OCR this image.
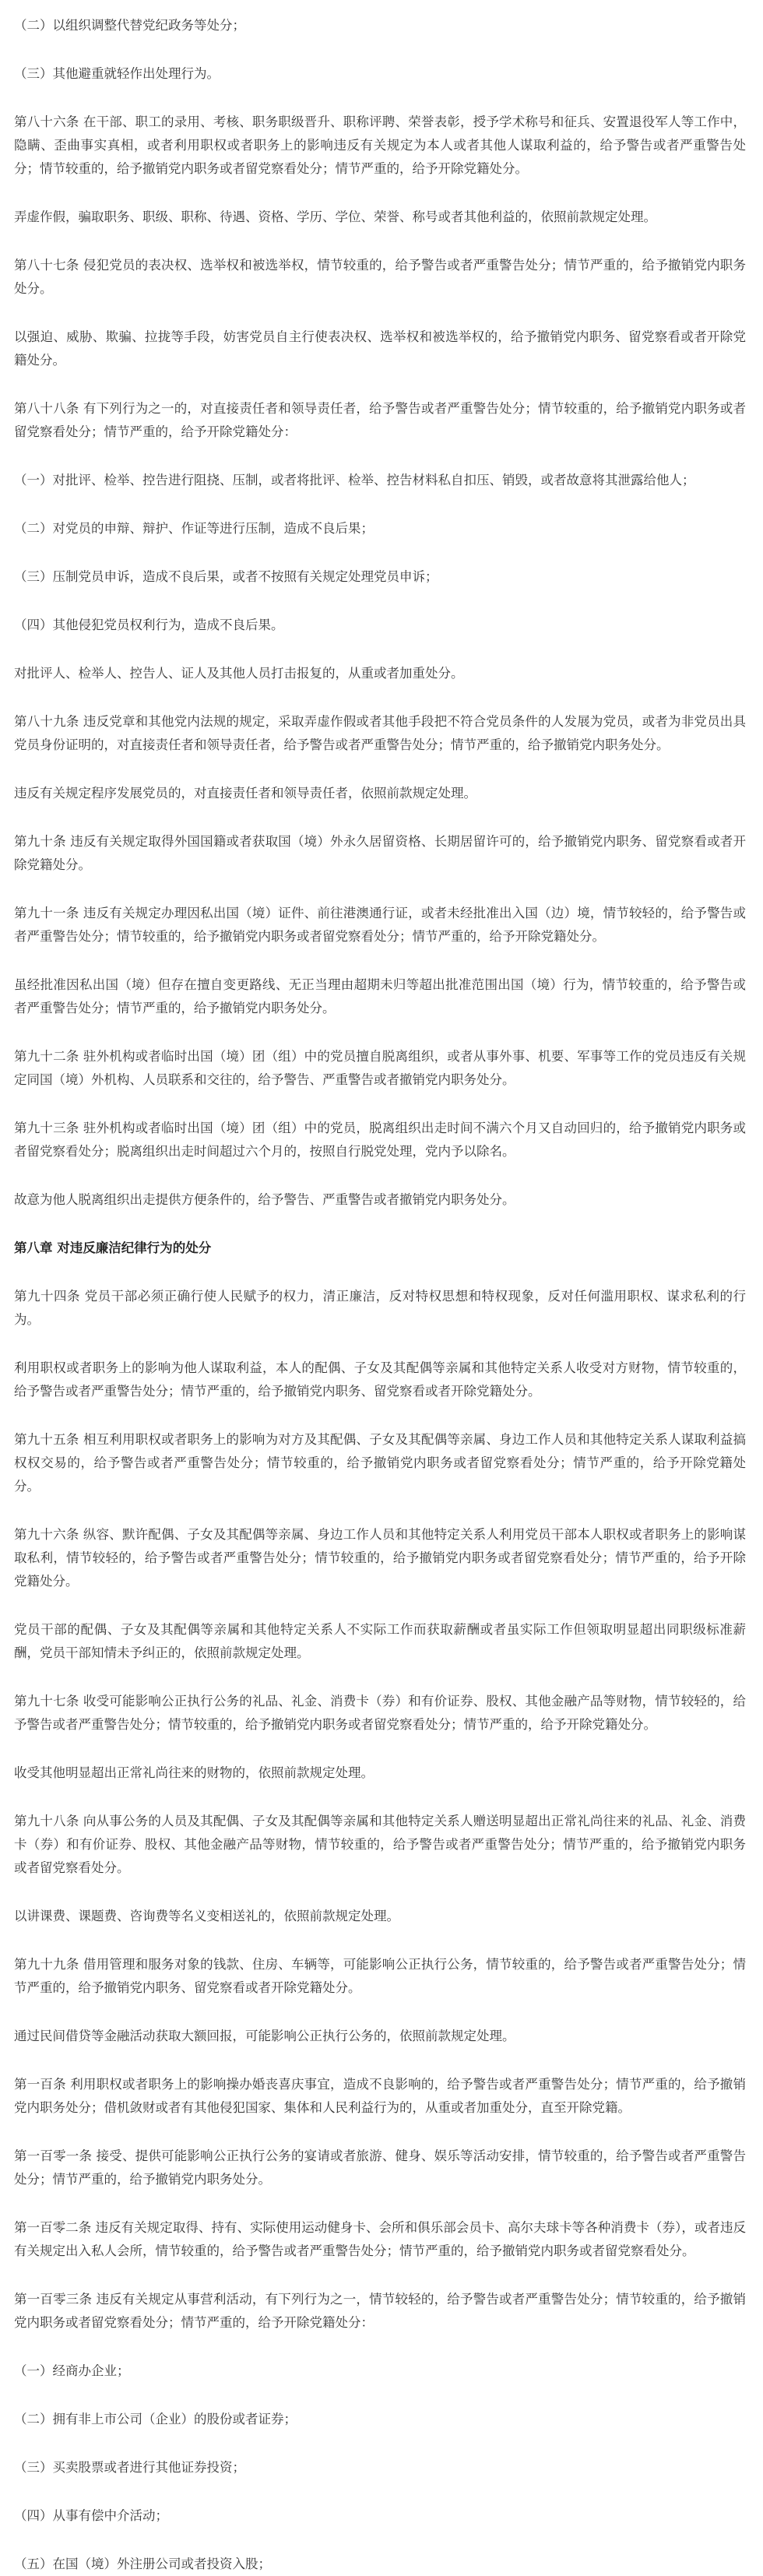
（二）以组织调整代替党纪政务等处分；

（三）其他避重就轻作出处理行为。

第八十六条 在干部、职工的录用、考核、职务职级晋升、职称评聘、荣誉表彰，授予学术称号和征兵、安置退役军人等工作中，隐瞒、歪曲事实真相，或者利用职权或者职务上的影响违反有关规定为本人或者其他人谋取利益的，给予警告或者严重警告处分；情节较重的，给予撤销党内职务或者留党察看处分；情节严重的，给予开除党籍处分。

弄虚作假，骗取职务、职级、职称、待遇、资格、学历、学位、荣誉、称号或者其他利益的，依照前款规定处理。

第八十七条 侵犯党员的表决权、选举权和被选举权，情节较重的，给予警告或者严重警告处分；情节严重的，给予撤销党内职务处分。

以强迫、威胁、欺骗、拉拢等手段，妨害党员自主行使表决权、选举权和被选举权的，给予撤销党内职务、留党察看或者开除党籍处分。

第八十八条 有下列行为之一的，对直接责任者和领导责任者，给予警告或者严重警告处分；情节较重的，给予撤销党内职务或者留党察看处分；情节严重的，给予开除党籍处分：

（一）对批评、检举、控告进行阻挠、压制，或者将批评、检举、控告材料私自扣压、销毁，或者故意将其泄露给他人；

（二）对党员的申辩、辩护、作证等进行压制，造成不良后果；

（三）压制党员申诉，造成不良后果，或者不按照有关规定处理党员申诉；

（四）其他侵犯党员权利行为，造成不良后果。

对批评人、检举人、控告人、证人及其他人员打击报复的，从重或者加重处分。

第八十九条 违反党章和其他党内法规的规定，采取弄虚作假或者其他手段把不符合党员条件的人发展为党员，或者为非党员出具党员身份证明的，对直接责任者和领导责任者，给予警告或者严重警告处分；情节严重的，给予撤销党内职务处分。

违反有关规定程序发展党员的，对直接责任者和领导责任者，依照前款规定处理。

第九十条 违反有关规定取得外国国籍或者获取国（境）外永久居留资格、长期居留许可的，给予撤销党内职务、留党察看或者开除党籍处分。

第九十一条 违反有关规定办理因私出国（境）证件、前往港澳通行证，或者未经批准出入国（边）境，情节较轻的，给予警告或者严重警告处分；情节较重的，给予撤销党内职务或者留党察看处分；情节严重的，给予开除党籍处分。

虽经批准因私出国（境）但存在擅自变更路线、无正当理由超期未归等超出批准范围出国（境）行为，情节较重的，给予警告或者严重警告处分；情节严重的，给予撤销党内职务处分。

第九十二条 驻外机构或者临时出国（境）团（组）中的党员擅自脱离组织，或者从事外事、机要、军事等工作的党员违反有关规定同国（境）外机构、人员联系和交往的，给予警告、严重警告或者撤销党内职务处分。

第九十三条 驻外机构或者临时出国（境）团（组）中的党员，脱离组织出走时间不满六个月又自动回归的，给予撤销党内职务或者留党察看处分；脱离组织出走时间超过六个月的，按照自行脱党处理，党内予以除名。

故意为他人脱离组织出走提供方便条件的，给予警告、严重警告或者撤销党内职务处分。

第八章 对违反廉洁纪律行为的处分

第九十四条 党员干部必须正确行使人民赋予的权力，清正廉洁，反对特权思想和特权现象，反对任何滥用职权、谋求私利的行为。

利用职权或者职务上的影响为他人谋取利益，本人的配偶、子女及其配偶等亲属和其他特定关系人收受对方财物，情节较重的，给予警告或者严重警告处分；情节严重的，给予撤销党内职务、留党察看或者开除党籍处分。

第九十五条 相互利用职权或者职务上的影响为对方及其配偶、子女及其配偶等亲属、身边工作人员和其他特定关系人谋取利益搞权权交易的，给予警告或者严重警告处分；情节较重的，给予撤销党内职务或者留党察看处分；情节严重的，给予开除党籍处分。

第九十六条 纵容、默许配偶、子女及其配偶等亲属、身边工作人员和其他特定关系人利用党员干部本人职权或者职务上的影响谋取私利，情节较轻的，给予警告或者严重警告处分；情节较重的，给予撤销党内职务或者留党察看处分；情节严重的，给予开除党籍处分。

党员干部的配偶、子女及其配偶等亲属和其他特定关系人不实际工作而获取薪酬或者虽实际工作但领取明显超出同职级标准薪酬，党员干部知情未予纠正的，依照前款规定处理。

第九十七条 收受可能影响公正执行公务的礼品、礼金、消费卡（券）和有价证券、股权、其他金融产品等财物，情节较轻的，给予警告或者严重警告处分；情节较重的，给予撤销党内职务或者留党察看处分；情节严重的，给予开除党籍处分。

收受其他明显超出正常礼尚往来的财物的，依照前款规定处理。

第九十八条 向从事公务的人员及其配偶、子女及其配偶等亲属和其他特定关系人赠送明显超出正常礼尚往来的礼品、礼金、消费卡（券）和有价证券、股权、其他金融产品等财物，情节较重的，给予警告或者严重警告处分；情节严重的，给予撤销党内职务或者留党察看处分。

以讲课费、课题费、咨询费等名义变相送礼的，依照前款规定处理。

第九十九条 借用管理和服务对象的钱款、住房、车辆等，可能影响公正执行公务，情节较重的，给予警告或者严重警告处分；情节严重的，给予撤销党内职务、留党察看或者开除党籍处分。

通过民间借贷等金融活动获取大额回报，可能影响公正执行公务的，依照前款规定处理。

第一百条 利用职权或者职务上的影响操办婚丧喜庆事宜，造成不良影响的，给予警告或者严重警告处分；情节严重的，给予撤销党内职务处分；借机敛财或者有其他侵犯国家、集体和人民利益行为的，从重或者加重处分，直至开除党籍。

第一百零一条 接受、提供可能影响公正执行公务的宴请或者旅游、健身、娱乐等活动安排，情节较重的，给予警告或者严重警告处分；情节严重的，给予撤销党内职务处分。

第一百零二条 违反有关规定取得、持有、实际使用运动健身卡、会所和俱乐部会员卡、高尔夫球卡等各种消费卡（券），或者违反有关规定出入私人会所，情节较重的，给予警告或者严重警告处分；情节严重的，给予撤销党内职务或者留党察看处分。

第一百零三条 违反有关规定从事营利活动，有下列行为之一，情节较轻的，给予警告或者严重警告处分；情节较重的，给予撤销党内职务或者留党察看处分；情节严重的，给予开除党籍处分：

（一）经商办企业；

（二）拥有非上市公司（企业）的股份或者证券；

（三）买卖股票或者进行其他证券投资；

（四）从事有偿中介活动；

（五）在国（境）外注册公司或者投资入股；
